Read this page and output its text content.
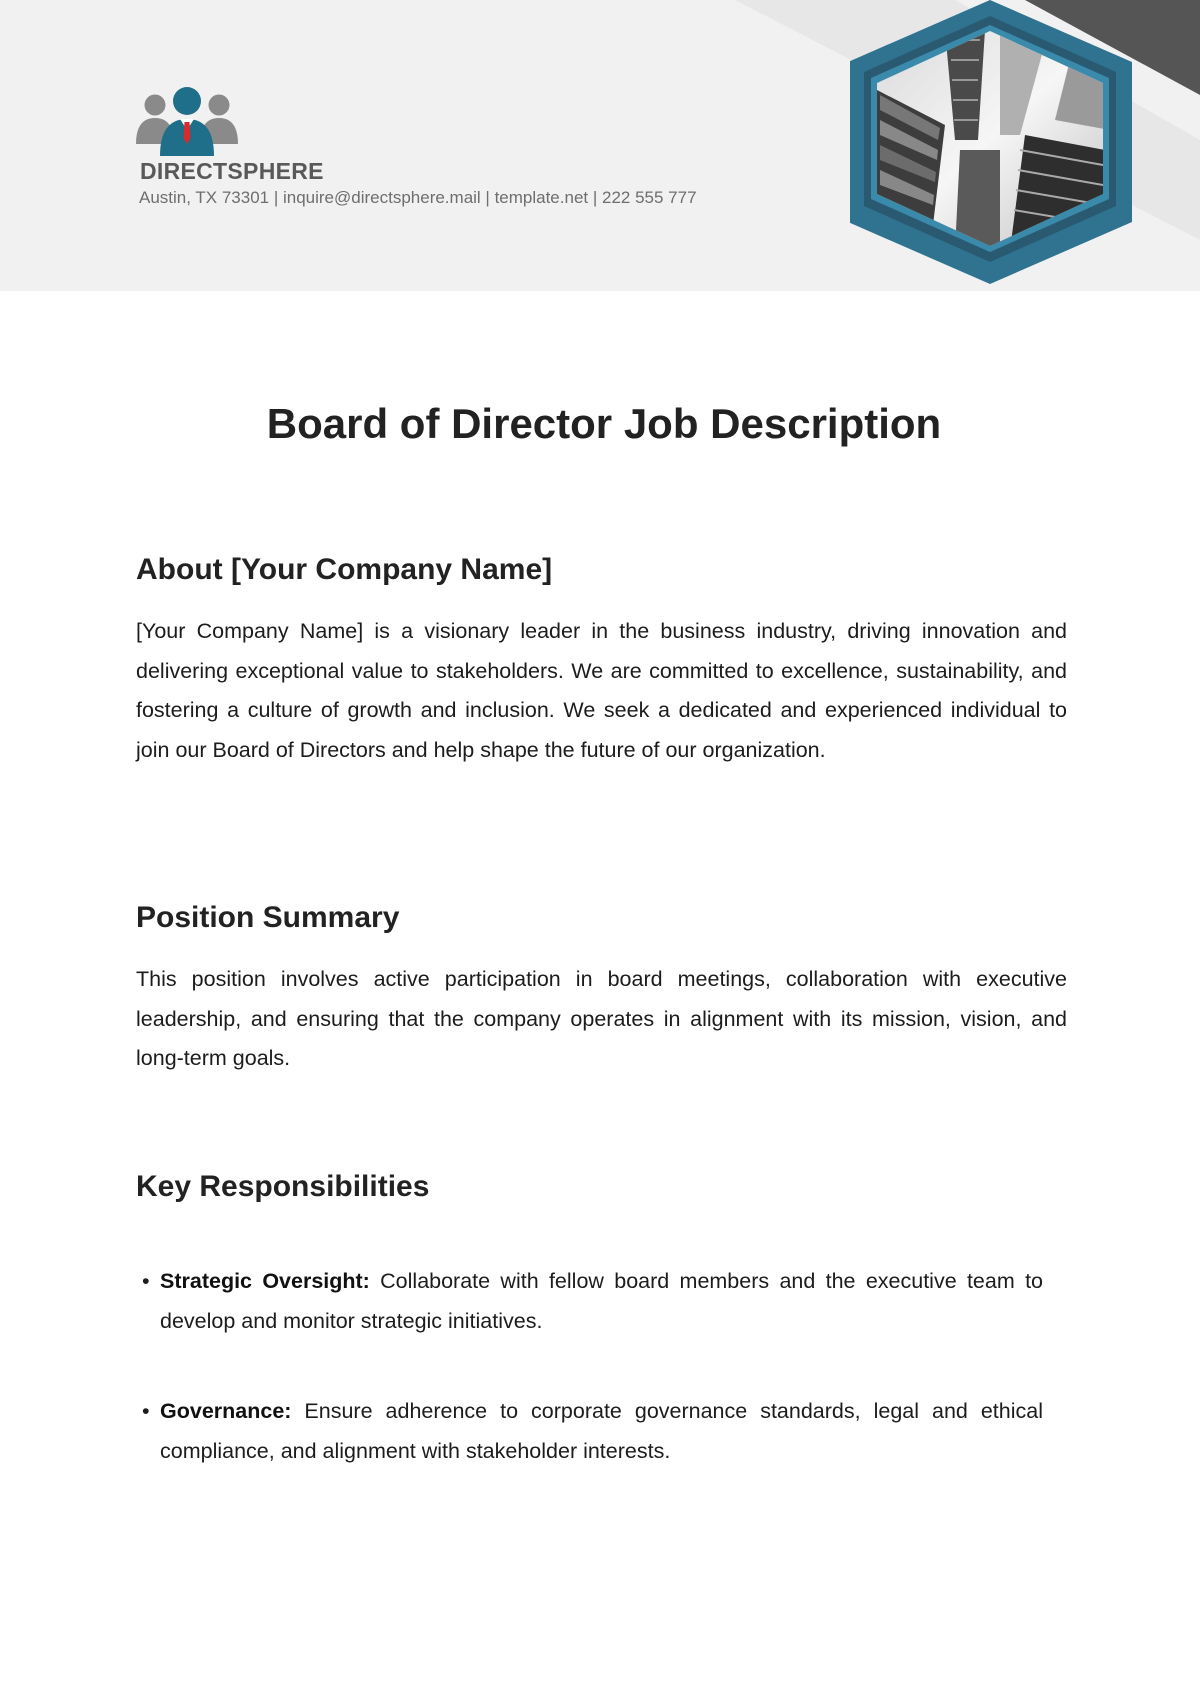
DIRECTSPHERE
Austin, TX 73301 | inquire@directsphere.mail | template.net | 222 555 777
Board of Director Job Description
About [Your Company Name]

[Your Company Name] is a visionary leader in the business industry, driving innovation and delivering exceptional value to stakeholders. We are committed to excellence, sustainability, and fostering a culture of growth and inclusion. We seek a dedicated and experienced individual to join our Board of Directors and help shape the future of our organization.

Position Summary

This position involves active participation in board meetings, collaboration with executive leadership, and ensuring that the company operates in alignment with its mission, vision, and long-term goals.

Key Responsibilities
• Strategic Oversight: Collaborate with fellow board members and the executive team to develop and monitor strategic initiatives.
• Governance: Ensure adherence to corporate governance standards, legal and ethical compliance, and alignment with stakeholder interests.
